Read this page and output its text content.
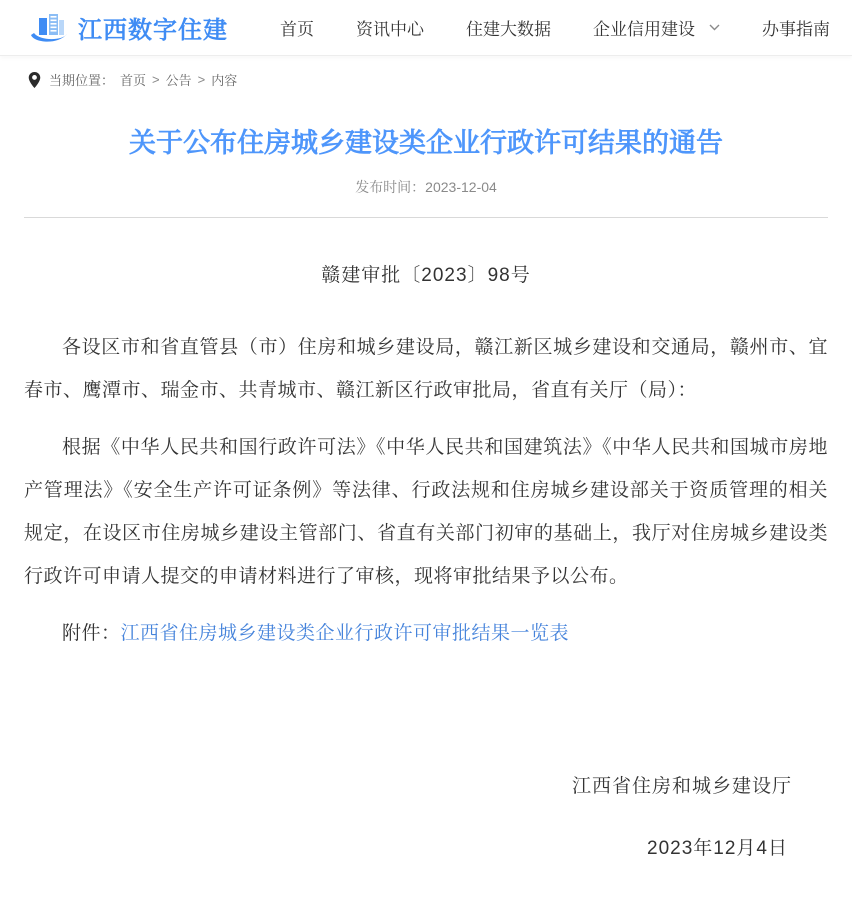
江西数字住建	首页 资讯中心 住建大数据 企业信用建设	办事指南
当期位置： 首页 > 公告 > 内容
关于公布住房城乡建设类企业行政许可结果的通告
发布时间：2023-12-04
赣建审批〔2023〕98号

各设区市和省直管县（市）住房和城乡建设局，赣江新区城乡建设和交通局，赣州市、宜春市、鹰潭市、瑞金市、共青城市、赣江新区行政审批局，省直有关厅（局）：

根据《中华人民共和国行政许可法》《中华人民共和国建筑法》《中华人民共和国城市房地产管理法》《安全生产许可证条例》等法律、行政法规和住房城乡建设部关于资质管理的相关规定，在设区市住房城乡建设主管部门、省直有关部门初审的基础上，我厅对住房城乡建设类行政许可申请人提交的申请材料进行了审核，现将审批结果予以公布。

附件：江西省住房城乡建设类企业行政许可审批结果一览表

江西省住房和城乡建设厅
2023年12月4日
